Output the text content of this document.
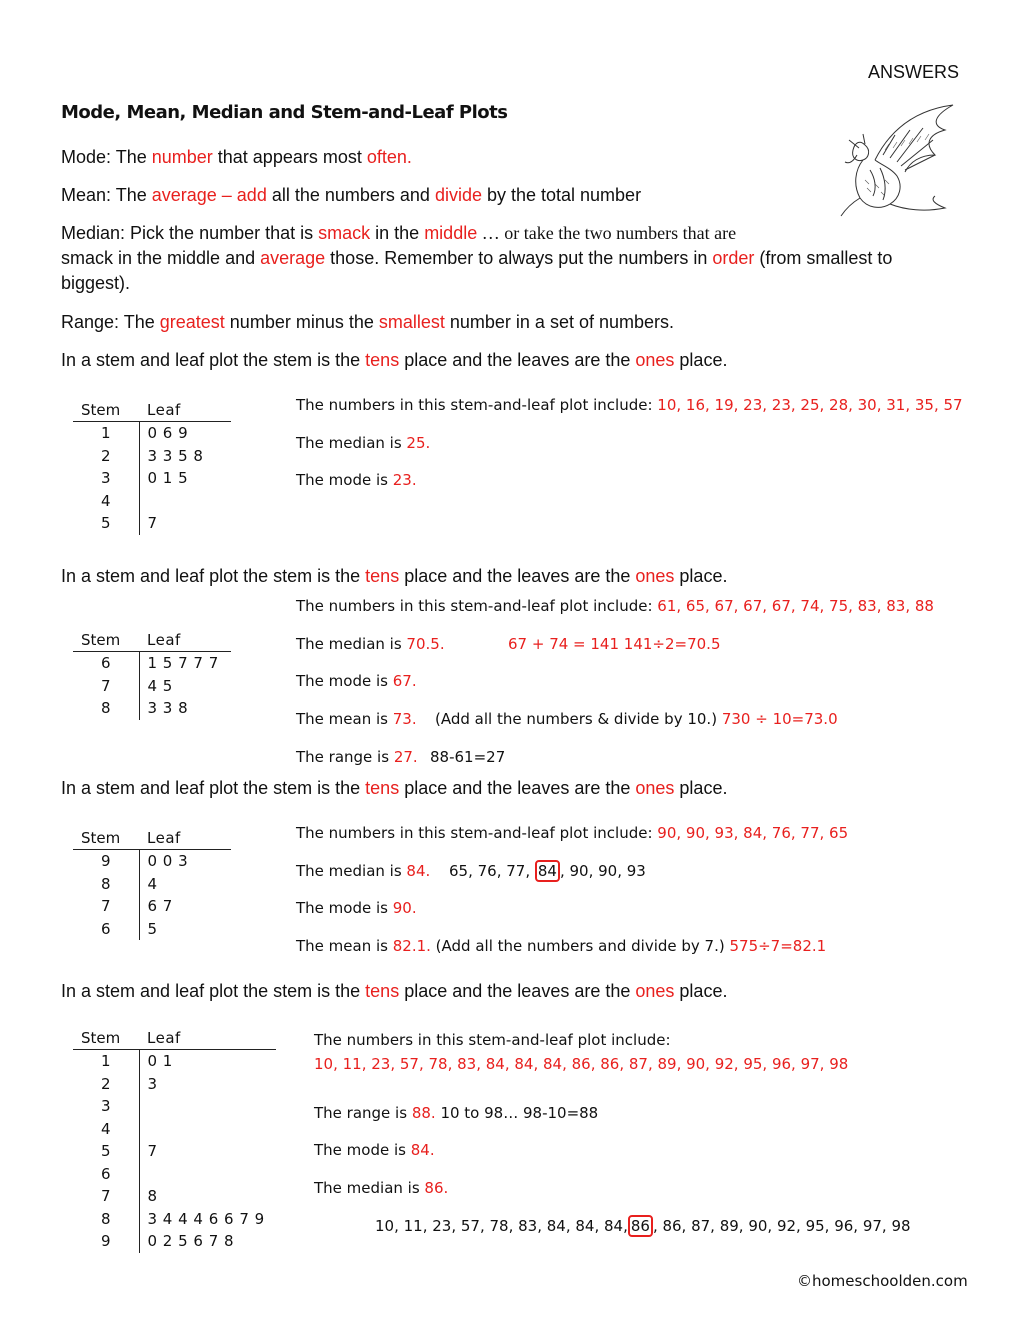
ANSWERS
Mode, Mean, Median and Stem-and-Leaf Plots
Mode: The number that appears most often.
Mean: The average – add all the numbers and divide by the total number
Median: Pick the number that is smack in the middle … or take the two numbers that are
smack in the middle and average those. Remember to always put the numbers in order (from smallest to
biggest).
Range: The greatest number minus the smallest number in a set of numbers.
In a stem and leaf plot the stem is the tens place and the leaves are the ones place.
Stem	Leaf
1	0 6 9
2	3 3 5 8
3	0 1 5
4	
5	7
The numbers in this stem-and-leaf plot include: 10, 16, 19, 23, 23, 25, 28, 30, 31, 35, 57
The median is 25.
The mode is 23.
In a stem and leaf plot the stem is the tens place and the leaves are the ones place.
The numbers in this stem-and-leaf plot include: 61, 65, 67, 67, 67, 74, 75, 83, 83, 88
Stem	Leaf
6	1 5 7 7 7
7	4 5
8	3 3 8
The median is 70.5.	67 + 74 = 141 141÷2=70.5
The mode is 67.
The mean is 73. (Add all the numbers & divide by 10.) 730 ÷ 10=73.0
The range is 27. 88-61=27
In a stem and leaf plot the stem is the tens place and the leaves are the ones place.
Stem	Leaf
9	0 0 3
8	4
7	6 7
6	5
The numbers in this stem-and-leaf plot include: 90, 90, 93, 84, 76, 77, 65
The median is 84. 65, 76, 77, 84 , 90, 90, 93
The mode is 90.
The mean is 82.1. (Add all the numbers and divide by 7.) 575÷7=82.1
In a stem and leaf plot the stem is the tens place and the leaves are the ones place.
Stem	Leaf
1	0 1
2	3
3	
4	
5	7
6	
7	8
8	3 4 4 4 6 6 7 9
9	0 2 5 6 7 8
The numbers in this stem-and-leaf plot include:
10, 11, 23, 57, 78, 83, 84, 84, 84, 86, 86, 87, 89, 90, 92, 95, 96, 97, 98
The range is 88. 10 to 98… 98-10=88
The mode is 84.
The median is 86.
10, 11, 23, 57, 78, 83, 84, 84, 84, 86 , 86, 87, 89, 90, 92, 95, 96, 97, 98
©homeschoolden.com
